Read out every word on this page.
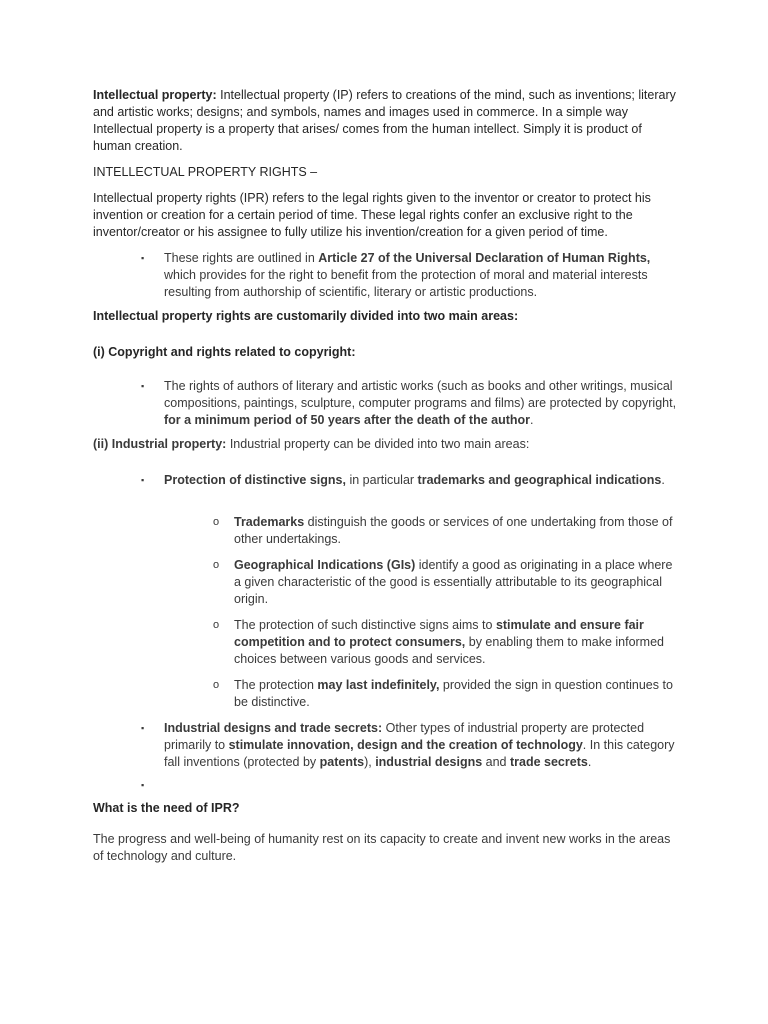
Intellectual property: Intellectual property (IP) refers to creations of the mind, such as inventions; literary and artistic works; designs; and symbols, names and images used in commerce. In a simple way Intellectual property is a property that arises/ comes from the human intellect. Simply it is product of human creation.

INTELLECTUAL PROPERTY RIGHTS –

Intellectual property rights (IPR) refers to the legal rights given to the inventor or creator to protect his invention or creation for a certain period of time. These legal rights confer an exclusive right to the inventor/creator or his assignee to fully utilize his invention/creation for a given period of time.

▪ These rights are outlined in Article 27 of the Universal Declaration of Human Rights, which provides for the right to benefit from the protection of moral and material interests resulting from authorship of scientific, literary or artistic productions.

Intellectual property rights are customarily divided into two main areas:

(i) Copyright and rights related to copyright:

▪ The rights of authors of literary and artistic works (such as books and other writings, musical compositions, paintings, sculpture, computer programs and films) are protected by copyright, for a minimum period of 50 years after the death of the author.

(ii) Industrial property: Industrial property can be divided into two main areas:

▪ Protection of distinctive signs, in particular trademarks and geographical indications.
o Trademarks distinguish the goods or services of one undertaking from those of other undertakings.
o Geographical Indications (GIs) identify a good as originating in a place where a given characteristic of the good is essentially attributable to its geographical origin.
o The protection of such distinctive signs aims to stimulate and ensure fair competition and to protect consumers, by enabling them to make informed choices between various goods and services.
o The protection may last indefinitely, provided the sign in question continues to be distinctive.
▪ Industrial designs and trade secrets: Other types of industrial property are protected primarily to stimulate innovation, design and the creation of technology. In this category fall inventions (protected by patents), industrial designs and trade secrets.
▪

What is the need of IPR?

The progress and well-being of humanity rest on its capacity to create and invent new works in the areas of technology and culture.
